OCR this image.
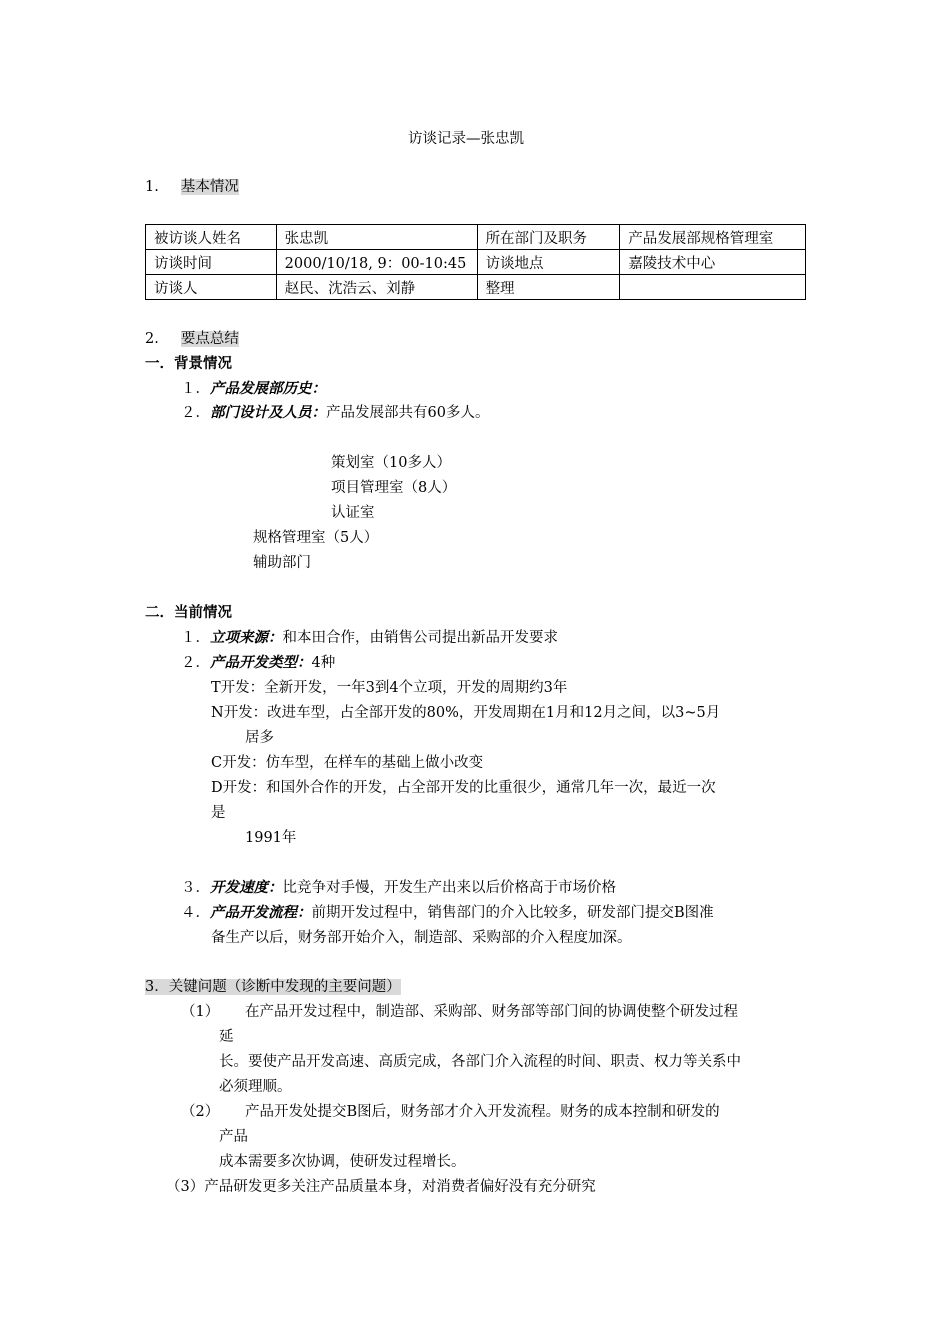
访谈记录—张忠凯
1. 基本情况
被访谈人姓名	张忠凯	所在部门及职务	产品发展部规格管理室
访谈时间	2000/10/18, 9：00-10:45	访谈地点	嘉陵技术中心
访谈人	赵民、沈浩云、刘静	整理	
2. 要点总结
一．背景情况
１．产品发展部历史：
２．部门设计及人员：产品发展部共有60多人。
策划室（10多人）
项目管理室（8人）
认证室
规格管理室（5人）
辅助部门
二．当前情况
１．立项来源：和本田合作，由销售公司提出新品开发要求
２．产品开发类型：4种
T开发：全新开发，一年3到4个立项，开发的周期约3年
N开发：改进车型，占全部开发的80%，开发周期在1月和12月之间，以3~5月
居多
C开发：仿车型，在样车的基础上做小改变
D开发：和国外合作的开发，占全部开发的比重很少，通常几年一次，最近一次
是
1991年
３．开发速度：比竞争对手慢，开发生产出来以后价格高于市场价格
４．产品开发流程：前期开发过程中，销售部门的介入比较多，研发部门提交B图准
备生产以后，财务部开始介入，制造部、采购部的介入程度加深。
3．关键问题（诊断中发现的主要问题）
（1） 在产品开发过程中，制造部、采购部、财务部等部门间的协调使整个研发过程
延
长。要使产品开发高速、高质完成，各部门介入流程的时间、职责、权力等关系中
必须理顺。
（2） 产品开发处提交B图后，财务部才介入开发流程。财务的成本控制和研发的
产品
成本需要多次协调，使研发过程增长。
（3）产品研发更多关注产品质量本身，对消费者偏好没有充分研究
